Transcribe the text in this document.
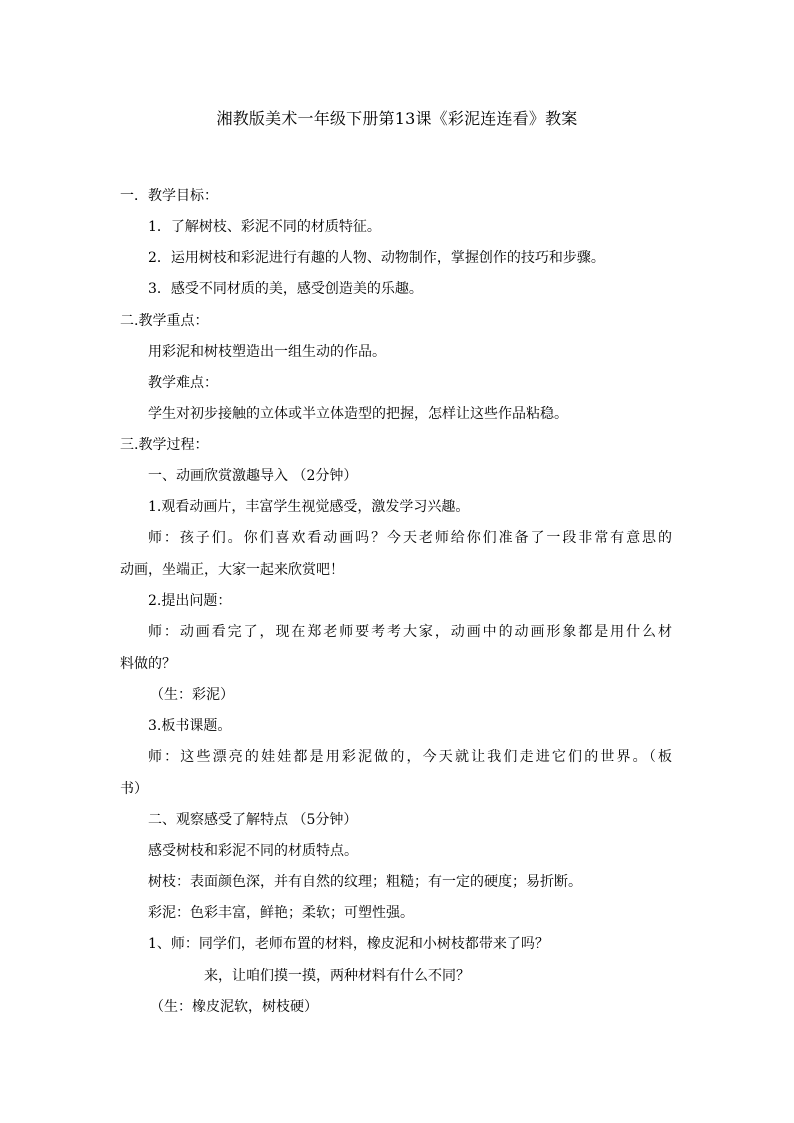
湘教版美术一年级下册第13课《彩泥连连看》教案
一．教学目标：
1．了解树枝、彩泥不同的材质特征。
2．运用树枝和彩泥进行有趣的人物、动物制作，掌握创作的技巧和步骤。
3．感受不同材质的美，感受创造美的乐趣。
二.教学重点：
用彩泥和树枝塑造出一组生动的作品。
教学难点：
学生对初步接触的立体或半立体造型的把握，怎样让这些作品粘稳。
三.教学过程：
一、动画欣赏激趣导入 （2分钟）
1.观看动画片，丰富学生视觉感受，激发学习兴趣。
师：孩子们。你们喜欢看动画吗？今天老师给你们准备了一段非常有意思的
动画，坐端正，大家一起来欣赏吧！
2.提出问题：
师：动画看完了，现在郑老师要考考大家，动画中的动画形象都是用什么材
料做的？
（生：彩泥）
3.板书课题。
师：这些漂亮的娃娃都是用彩泥做的，今天就让我们走进它们的世界。（板
书）
二、观察感受了解特点 （5分钟）
感受树枝和彩泥不同的材质特点。
树枝：表面颜色深，并有自然的纹理；粗糙；有一定的硬度；易折断。
彩泥：色彩丰富，鲜艳；柔软；可塑性强。
1、师：同学们，老师布置的材料，橡皮泥和小树枝都带来了吗？
来，让咱们摸一摸，两种材料有什么不同？
（生：橡皮泥软，树枝硬）
